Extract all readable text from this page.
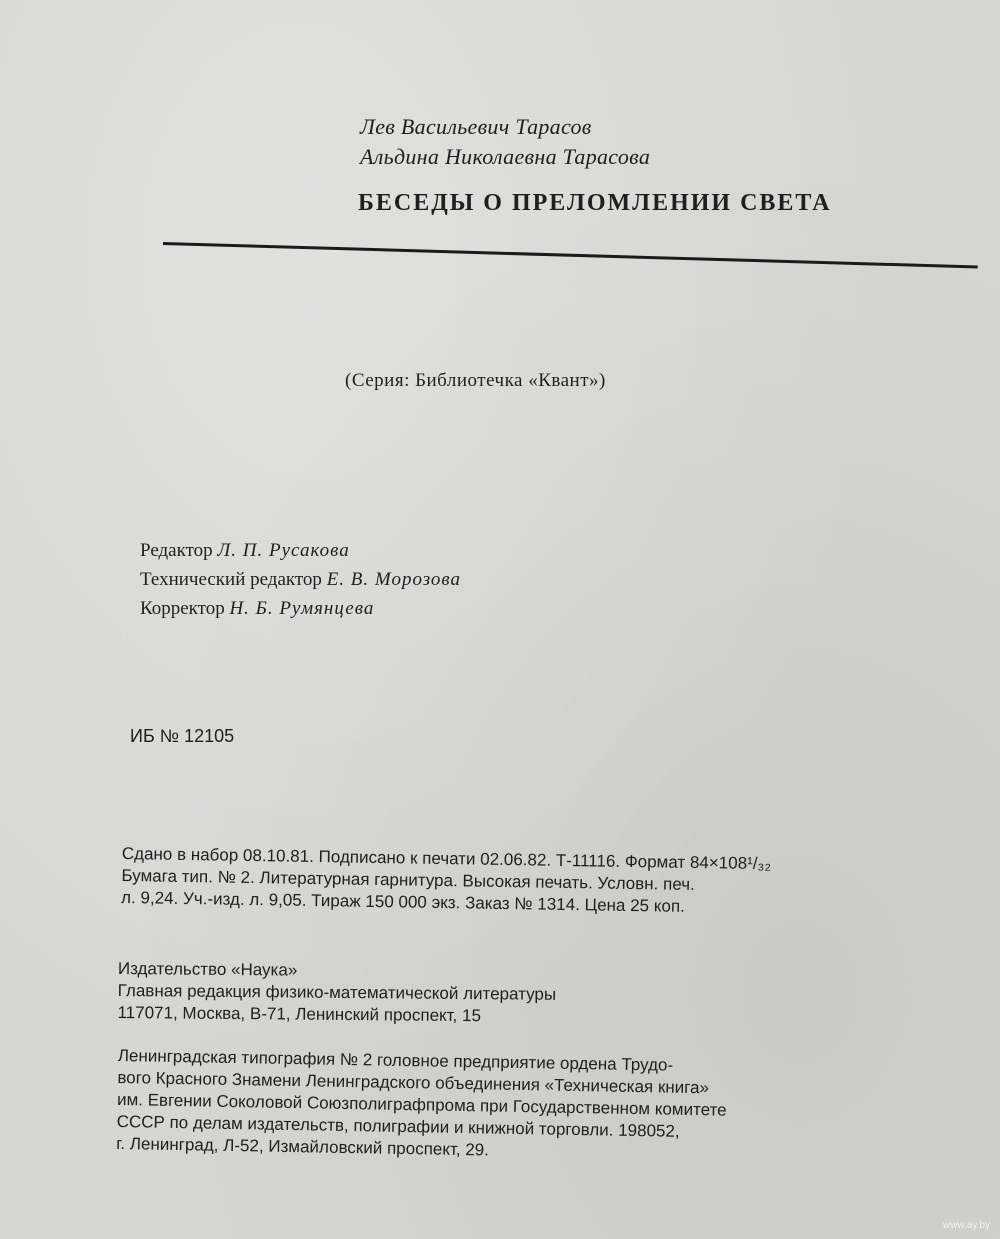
Лев Васильевич Тарасов
Альдина Николаевна Тарасова
БЕСЕДЫ О ПРЕЛОМЛЕНИИ СВЕТА
(Серия: Библиотечка «Квант»)
Редактор Л. П. Русакова
Технический редактор Е. В. Морозова
Корректор Н. Б. Румянцева
ИБ № 12105
Сдано в набор 08.10.81. Подписано к печати 02.06.82. Т-11116. Формат 84×108¹/₃₂
Бумага тип. № 2. Литературная гарнитура. Высокая печать. Условн. печ.
л. 9,24. Уч.-изд. л. 9,05. Тираж 150 000 экз. Заказ № 1314. Цена 25 коп.
Издательство «Наука»
Главная редакция физико-математической литературы
117071, Москва, В-71, Ленинский проспект, 15
Ленинградская типография № 2 головное предприятие ордена Трудо-
вого Красного Знамени Ленинградского объединения «Техническая книга»
им. Евгении Соколовой Союзполиграфпрома при Государственном комитете
СССР по делам издательств, полиграфии и книжной торговли. 198052,
г. Ленинград, Л-52, Измайловский проспект, 29.
www.ay.by
